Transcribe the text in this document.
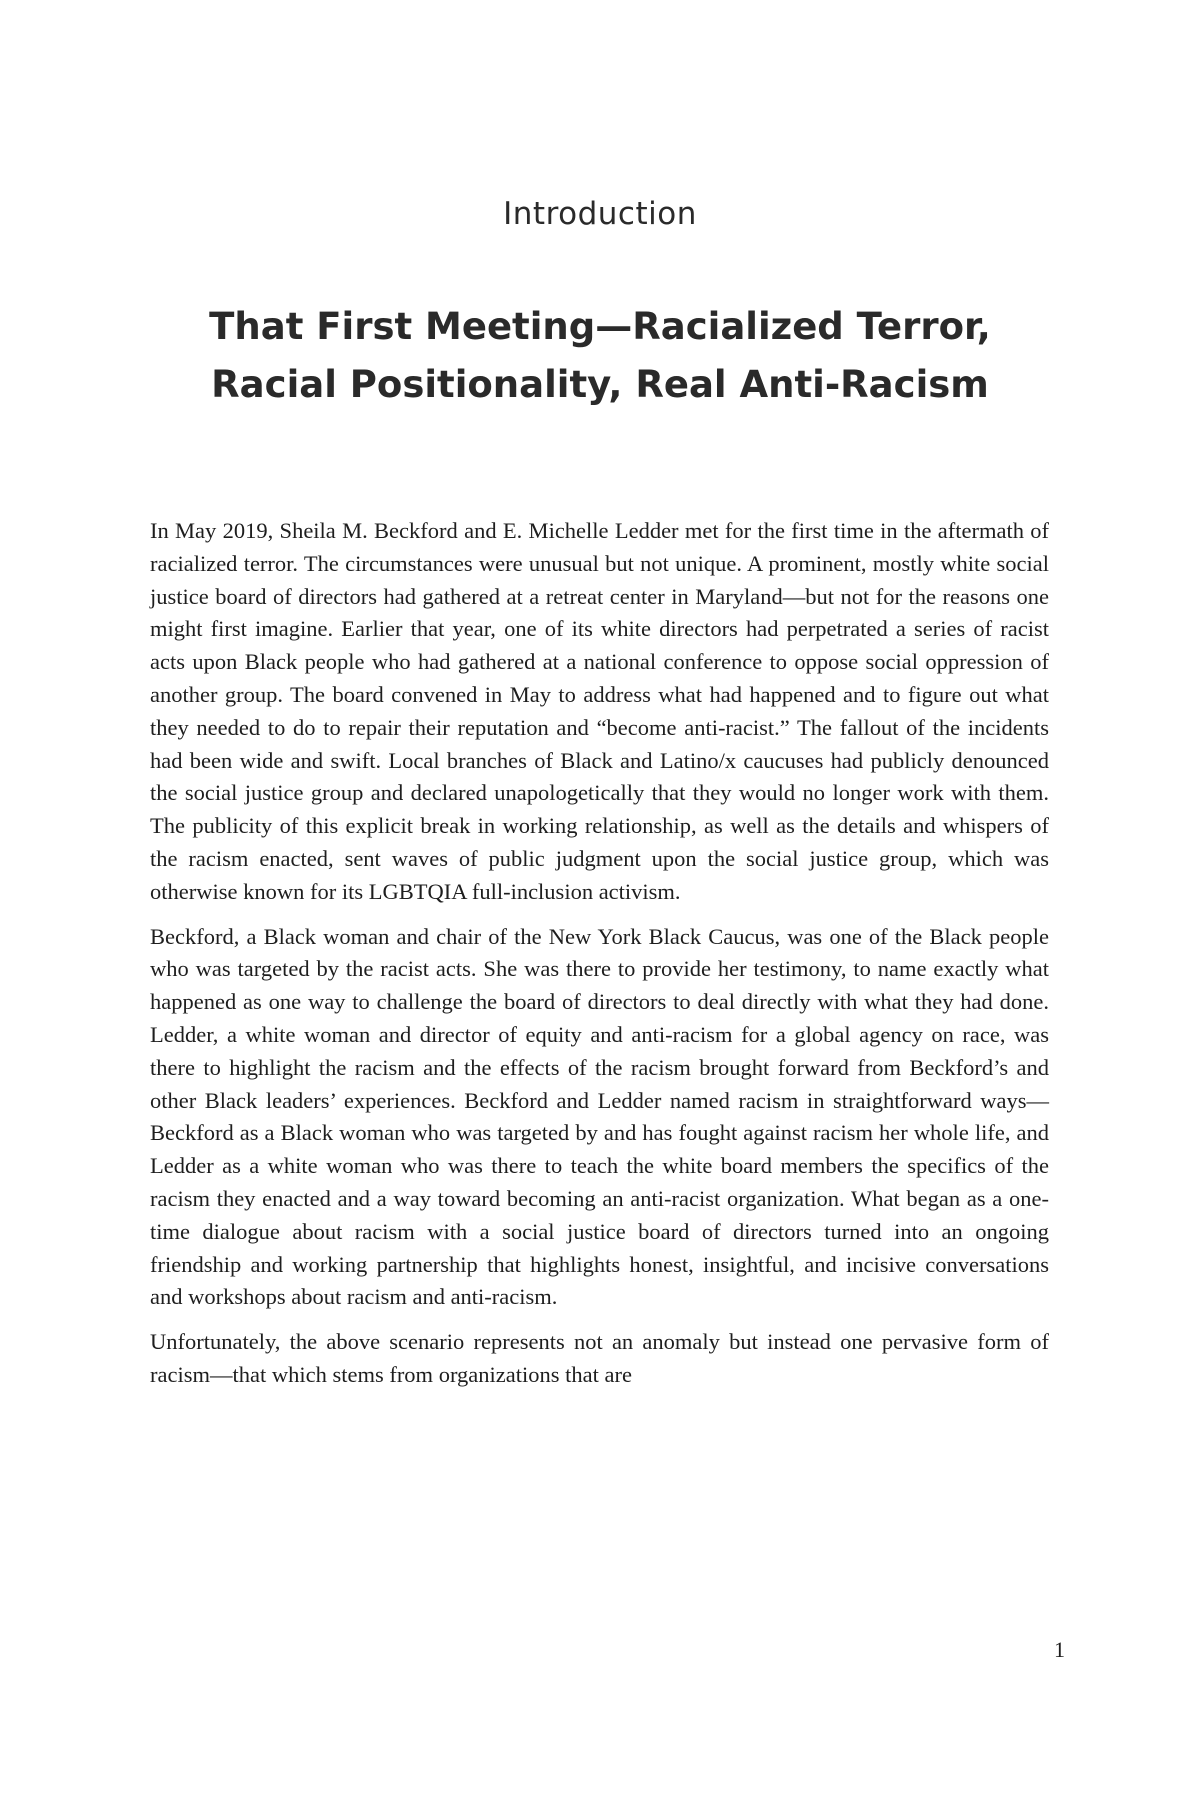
Introduction
That First Meeting—Racialized Terror,
Racial Positionality, Real Anti-Racism

In May 2019, Sheila M. Beckford and E. Michelle Ledder met for the first time in the aftermath of racialized terror. The circumstances were unusual but not unique. A prominent, mostly white social justice board of directors had gathered at a retreat center in Maryland—but not for the reasons one might first imagine. Earlier that year, one of its white directors had perpetrated a series of racist acts upon Black people who had gathered at a national conference to oppose social oppression of another group. The board convened in May to address what had happened and to figure out what they needed to do to repair their reputation and “become anti-racist.” The fallout of the incidents had been wide and swift. Local branches of Black and Latino/x caucuses had publicly denounced the social justice group and declared unapologetically that they would no longer work with them. The publicity of this explicit break in working relationship, as well as the details and whispers of the racism enacted, sent waves of public judgment upon the social justice group, which was otherwise known for its LGBTQIA full-inclusion activism.

Beckford, a Black woman and chair of the New York Black Caucus, was one of the Black people who was targeted by the racist acts. She was there to provide her testimony, to name exactly what happened as one way to challenge the board of directors to deal directly with what they had done. Ledder, a white woman and director of equity and anti-racism for a global agency on race, was there to highlight the racism and the effects of the racism brought forward from Beckford’s and other Black leaders’ experiences. Beckford and Ledder named racism in straightforward ways—Beckford as a Black woman who was targeted by and has fought against racism her whole life, and Ledder as a white woman who was there to teach the white board members the specifics of the racism they enacted and a way toward becoming an anti-racist organization. What began as a one-time dialogue about racism with a social justice board of directors turned into an ongoing friendship and working partnership that highlights honest, insightful, and incisive conversations and workshops about racism and anti-racism.

Unfortunately, the above scenario represents not an anomaly but instead one pervasive form of racism—that which stems from organizations that are

1
